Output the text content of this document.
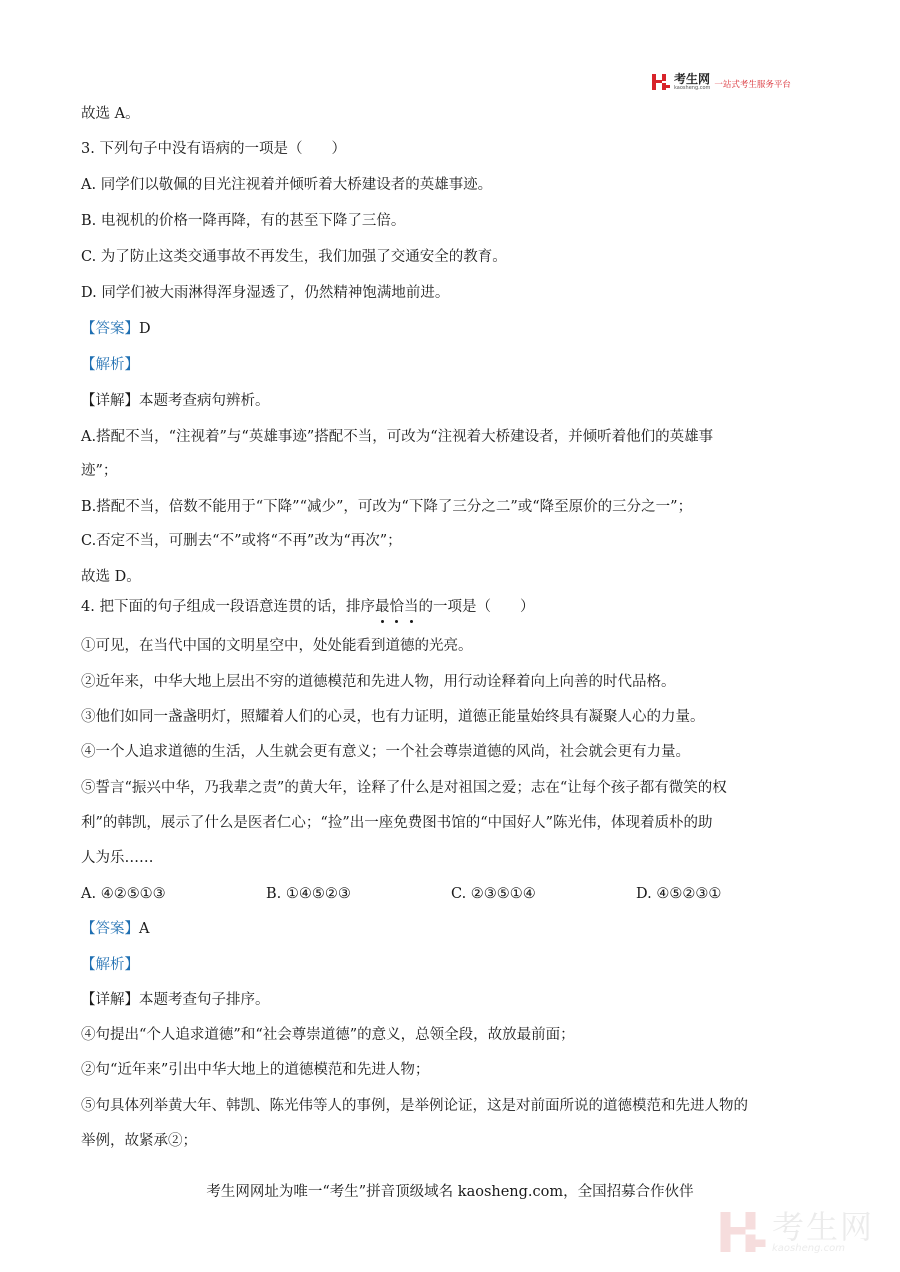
考生网
kaosheng.com 一站式考生服务平台
故选 A。
3. 下列句子中没有语病的一项是（　　）
A. 同学们以敬佩的目光注视着并倾听着大桥建设者的英雄事迹。
B. 电视机的价格一降再降，有的甚至下降了三倍。
C. 为了防止这类交通事故不再发生，我们加强了交通安全的教育。
D. 同学们被大雨淋得浑身湿透了，仍然精神饱满地前进。
【答案】D
【解析】
【详解】本题考查病句辨析。
A.搭配不当，“注视着”与“英雄事迹”搭配不当，可改为“注视着大桥建设者，并倾听着他们的英雄事
迹”；
B.搭配不当，倍数不能用于“下降”“减少”，可改为“下降了三分之二”或“降至原价的三分之一”；
C.否定不当，可删去“不”或将“不再”改为“再次”；
故选 D。
4. 把下面的句子组成一段语意连贯的话，排序最恰当的一项是（　　）
①可见，在当代中国的文明星空中，处处能看到道德的光亮。
②近年来，中华大地上层出不穷的道德模范和先进人物，用行动诠释着向上向善的时代品格。
③他们如同一盏盏明灯，照耀着人们的心灵，也有力证明，道德正能量始终具有凝聚人心的力量。
④一个人追求道德的生活，人生就会更有意义；一个社会尊崇道德的风尚，社会就会更有力量。
⑤誓言“振兴中华，乃我辈之责”的黄大年，诠释了什么是对祖国之爱；志在“让每个孩子都有微笑的权
利”的韩凯，展示了什么是医者仁心；“捡”出一座免费图书馆的“中国好人”陈光伟，体现着质朴的助
人为乐……
A. ④②⑤①③	B. ①④⑤②③	C. ②③⑤①④	D. ④⑤②③①
【答案】A
【解析】
【详解】本题考查句子排序。
④句提出“个人追求道德”和“社会尊崇道德”的意义，总领全段，故放最前面；
②句“近年来”引出中华大地上的道德模范和先进人物；
⑤句具体列举黄大年、韩凯、陈光伟等人的事例，是举例论证，这是对前面所说的道德模范和先进人物的
举例，故紧承②；
考生网网址为唯一“考生”拼音顶级域名 kaosheng.com，全国招募合作伙伴
考生网
kaosheng.com
